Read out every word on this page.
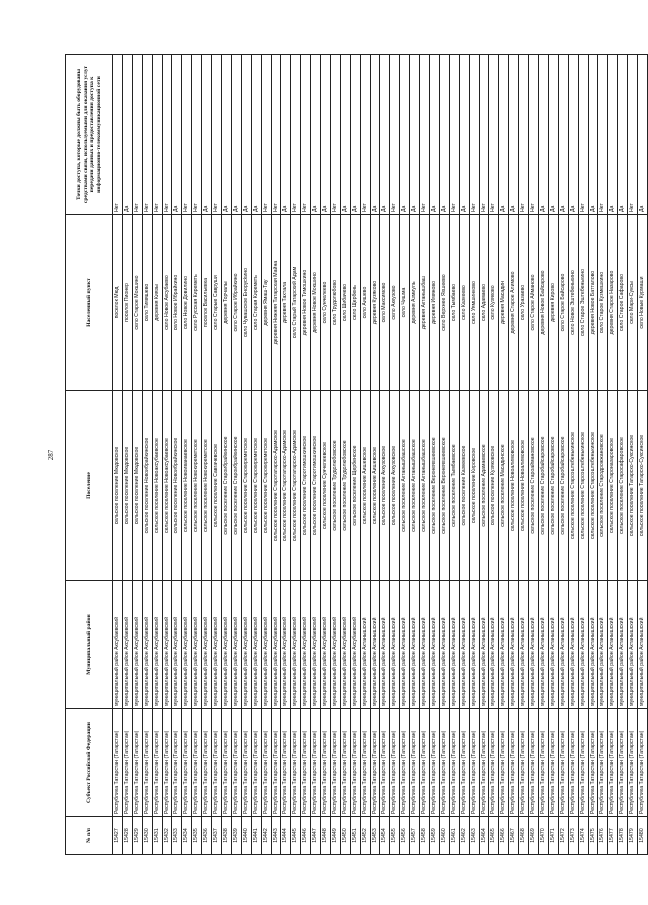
287
№ п/п	Субъект Российской Федерации	Муниципальный район	Поселение	Населенный пункт	Точки доступа, которые должны быть оборудованы средствами связи, используемыми для оказания услуг передачи данных и предоставления доступа к информационно-телекоммуникационной сети
15427	Республика Татарстан (Татарстан)	муниципальный район Аксубаевский	сельское поселение Мюдовское	поселок Мюд	Нет
15428	Республика Татарстан (Татарстан)	муниципальный район Аксубаевский	сельское поселение Мюдовское	поселок Пионер	Да
15429	Республика Татарстан (Татарстан)	муниципальный район Аксубаевский	сельское поселение Мюдовское	село Старое Мокшино	Нет
15430	Республика Татарстан (Татарстан)	муниципальный район Аксубаевский	сельское поселение Новоибрайкинское	село Тимяшево	Нет
15431	Республика Татарстан (Татарстан)	муниципальный район Аксубаевский	сельское поселение Новоаксубаевское	деревня Киязы	Нет
15432	Республика Татарстан (Татарстан)	муниципальный район Аксубаевский	сельское поселение Новоаксубаевское	село Новое Аксубаево	Нет
15433	Республика Татарстан (Татарстан)	муниципальный район Аксубаевский	сельское поселение Новоибрайкинское	село Новое Ибрайкино	Да
15434	Республика Татарстан (Татарстан)	муниципальный район Аксубаевский	сельское поселение Новоиванаевское	село Новое Довилино	Нет
15435	Республика Татарстан (Татарстан)	муниципальный район Аксубаевский	сельское поселение Новокиреметское	село Русская Киреметь	Нет
15436	Республика Татарстан (Татарстан)	муниципальный район Аксубаевский	сельское поселение Новокиреметское	поселок Васильевка	Да
15437	Республика Татарстан (Татарстан)	муниципальный район Аксубаевский	сельское поселение Савгачевское	село Старые Савруши	Нет
15438	Республика Татарстан (Татарстан)	муниципальный район Аксубаевский	сельское поселение Староибрайкинское	деревня Торчалы	Да
15439	Республика Татарстан (Татарстан)	муниципальный район Аксубаевский	сельское поселение Староибрайкинское	село Старое Ибрайкино	Да
15440	Республика Татарстан (Татарстан)	муниципальный район Аксубаевский	сельское поселение Старокиреметское	село Чувашское Енорусkино	Да
15441	Республика Татарстан (Татарстан)	муниципальный район Аксубаевский	сельское поселение Старокиреметское	село Старая Киреметь	Да
15442	Республика Татарстан (Татарстан)	муниципальный район Аксубаевский	сельское поселение Старокиреметское	деревня Ямаш-Тау	Нет
15443	Республика Татарстан (Татарстан)	муниципальный район Аксубаевский	сельское поселение Старотатарско-Адамское	деревня Нижняя Татарская Майна	Нет
15444	Республика Татарстан (Татарстан)	муниципальный район Аксубаевский	сельское поселение Старотатарско-Адамское	деревня Тахтала	Да
15445	Республика Татарстан (Татарстан)	муниципальный район Аксубаевский	сельское поселение Старотатарско-Адамское	село Старый Татарский Адам	Нет
15446	Республика Татарстан (Татарстан)	муниципальный район Аксубаевский	сельское поселение Старотимошкинское	деревня Новое Тимошкино	Нет
15447	Республика Татарстан (Татарстан)	муниципальный район Аксубаевский	сельское поселение Старотимошкинское	деревня Новое Мокшино	Да
15448	Республика Татарстан (Татарстан)	муниципальный район Аксубаевский	сельское поселение Сунчелеевское	село Сунчелеево	Да
15449	Республика Татарстан (Татарстан)	муниципальный район Аксубаевский	сельское поселение Трудолюбовское	село Трудолюбово	Нет
15450	Республика Татарстан (Татарстан)	муниципальный район Аксубаевский	сельское поселение Трудолюбовское	село Шибачево	Да
15451	Республика Татарстан (Татарстан)	муниципальный район Аксубаевский	сельское поселение Щербенское	село Щербень	Да
15452	Республика Татарстан (Татарстан)	муниципальный район Актанышский	сельское поселение Аишевское	село Аишево	Нет
15453	Республика Татарстан (Татарстан)	муниципальный район Актанышский	сельское поселение Аишевское	деревня Кузяково	Да
15454	Республика Татарстан (Татарстан)	муниципальный район Актанышский	сельское поселение Аккузовское	село Максимово	Да
15455	Республика Татарстан (Татарстан)	муниципальный район Актанышский	сельское поселение Аккузовское	село Аккузово	Нет
15456	Республика Татарстан (Татарстан)	муниципальный район Актанышский	сельское поселение Актанышбашское	село Чишма	Да
15457	Республика Татарстан (Татарстан)	муниципальный район Актанышский	сельское поселение Актанышбашское	деревня Азмиуль	Да
15458	Республика Татарстан (Татарстан)	муниципальный район Актанышский	сельское поселение Актанышбашское	деревня Актанышбаш	Нет
15459	Республика Татарстан (Татарстан)	муниципальный район Актанышский	сельское поселение Верхнеяхшеевское	деревня Имяново	Да
15460	Республика Татарстан (Татарстан)	муниципальный район Актанышский	сельское поселение Верхнеяхшеевское	село Верхнее Яхшеево	Да
15461	Республика Татарстан (Татарстан)	муниципальный район Актанышский	сельское поселение Тымбаевское	село Тымбаево	Нет
15462	Республика Татарстан (Татарстан)	муниципальный район Актанышский	сельское поселение Казкеевское	село Казкеево	Да
15463	Республика Татарстан (Татарстан)	муниципальный район Актанышский	сельское поселение Кировское	село Уямшинково	Нет
15464	Республика Татарстан (Татарстан)	муниципальный район Актанышский	сельское поселение Адамаевское	село Адамаево	Нет
15465	Республика Татарстан (Татарстан)	муниципальный район Актанышский	сельское поселение Кузяковское	село Кузяково	Нет
15466	Республика Татарстан (Татарстан)	муниципальный район Актанышский	сельское поселение Масадинское	деревня Масадин	Да
15467	Республика Татарстан (Татарстан)	муниципальный район Актанышский	сельское поселение Новоалимовское	деревня Старое Алимово	Да
15468	Республика Татарстан (Татарстан)	муниципальный район Актанышский	сельское поселение Новоалимовское	село Уразаево	Нет
15469	Республика Татарстан (Татарстан)	муниципальный район Актанышский	сельское поселение Староаймановское	село Старое Айманово	Нет
15470	Республика Татарстан (Татарстан)	муниципальный район Актанышский	сельское поселение Старобайсаровское	деревня Новое Байсарово	Да
15471	Республика Татарстан (Татарстан)	муниципальный район Актанышский	сельское поселение Старобайсаровское	деревня Кирово	Да
15472	Республика Татарстан (Татарстан)	муниципальный район Актанышский	сельское поселение Старобайсаровское	село Старое Байсарово	Да
15473	Республика Татарстан (Татарстан)	муниципальный район Актанышский	сельское поселение Староэштебенькинское	село Новое Эштебенькино	Да
15474	Республика Татарстан (Татарстан)	муниципальный район Актанышский	сельское поселение Староэштебенькинское	село Старое Эштебенькино	Нет
15475	Республика Татарстан (Татарстан)	муниципальный район Актанышский	сельское поселение Староэштебенькинское	деревня Новое Батталово	Да
15476	Республика Татарстан (Татарстан)	муниципальный район Актанышский	сельское поселение Стародрожжановское	село Старое Кузмешкино	Нет
15477	Республика Татарстан (Татарстан)	муниципальный район Актанышский	сельское поселение Староназаровское	деревня Старое Назарово	Да
15478	Республика Татарстан (Татарстан)	муниципальный район Актанышский	сельское поселение Старосафаровское	село Старое Сафарово	Да
15479	Республика Татарстан (Татарстан)	муниципальный район Актанышский	сельское поселение Татарско-Суксинское	село Мари-Суксы	Нет
15480	Республика Татарстан (Татарстан)	муниципальный район Актанышский	сельское поселение Татарско-Суксинское	село Новые Курмаши	Да
